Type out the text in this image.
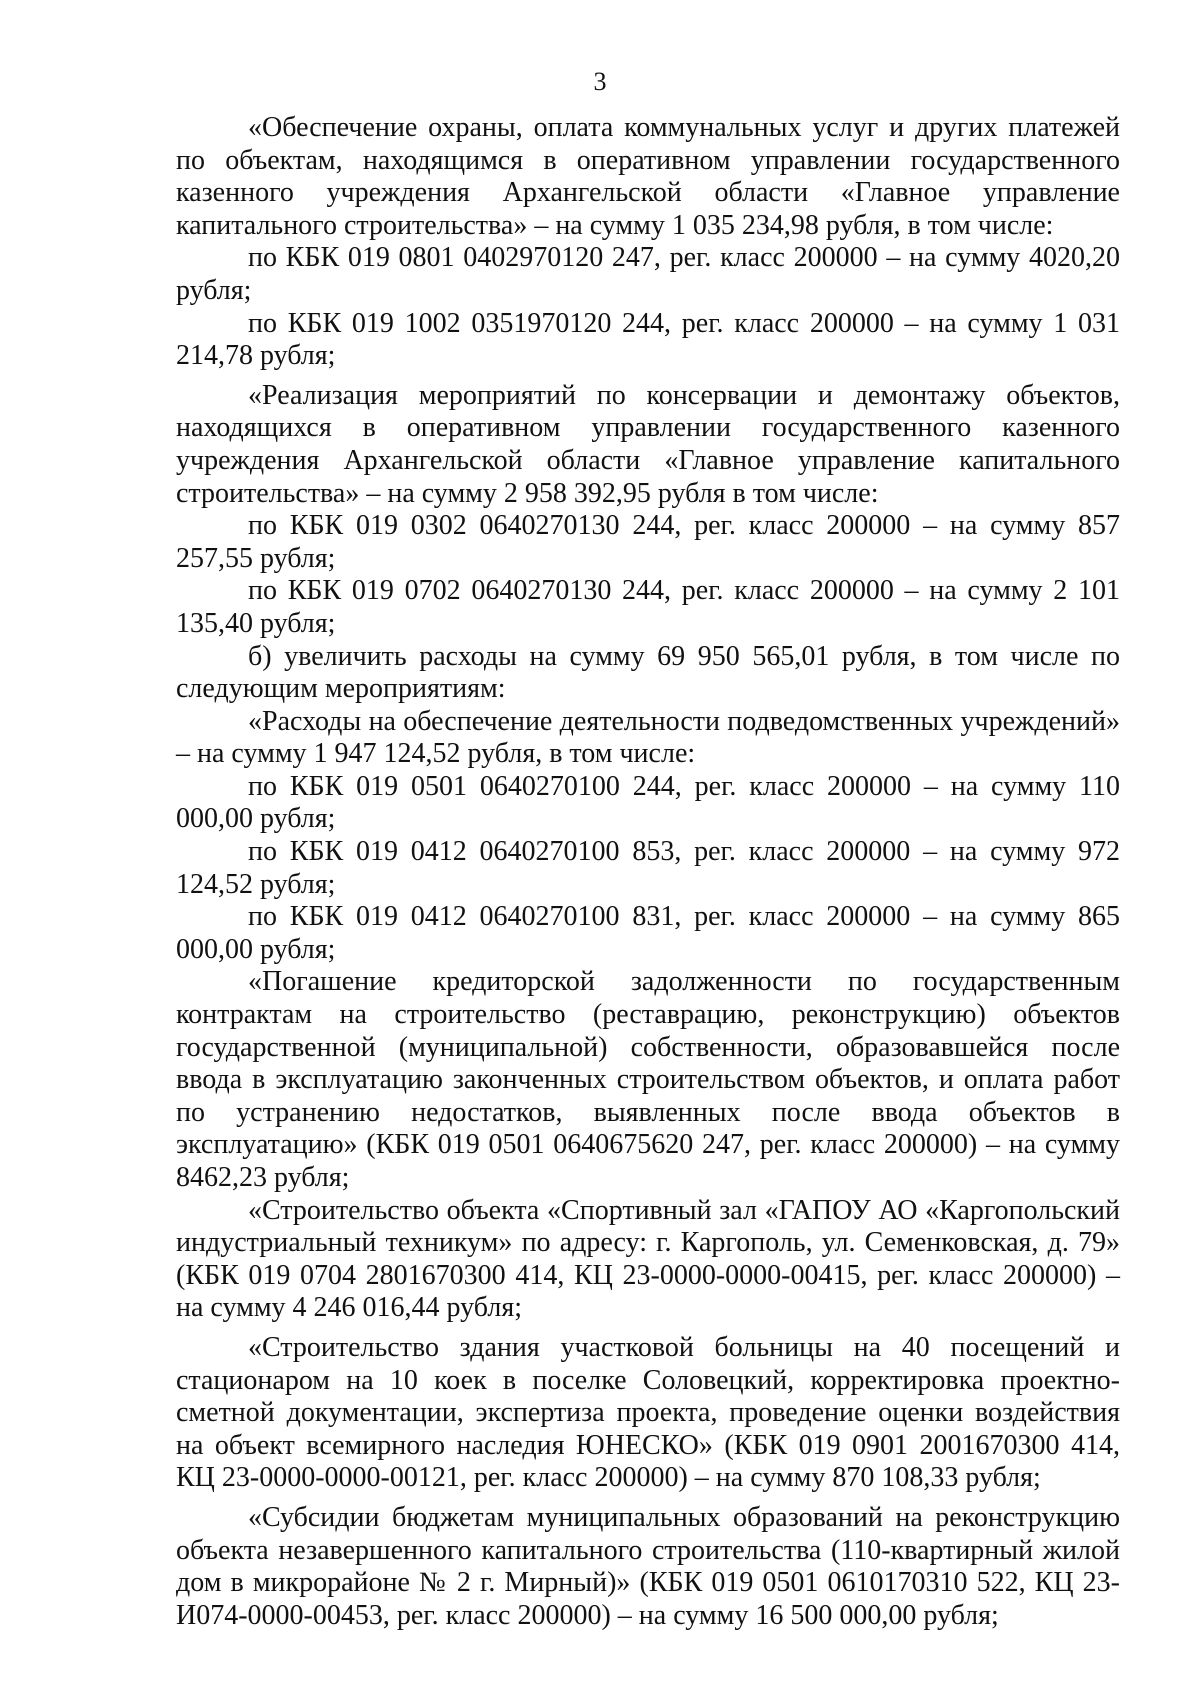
3

«Обеспечение охраны, оплата коммунальных услуг и других платежей по объектам, находящимся в оперативном управлении государственного казенного учреждения Архангельской области «Главное управление капитального строительства» – на сумму 1 035 234,98 рубля, в том числе:

по КБК 019 0801 0402970120 247, рег. класс 200000 – на сумму 4020,20 рубля;

по КБК 019 1002 0351970120 244, рег. класс 200000 – на сумму 1 031 214,78 рубля;

«Реализация мероприятий по консервации и демонтажу объектов, находящихся в оперативном управлении государственного казенного учреждения Архангельской области «Главное управление капитального строительства» – на сумму 2 958 392,95 рубля в том числе:

по КБК 019 0302 0640270130 244, рег. класс 200000 – на сумму 857 257,55 рубля;

по КБК 019 0702 0640270130 244, рег. класс 200000 – на сумму 2 101 135,40 рубля;

б) увеличить расходы на сумму 69 950 565,01 рубля, в том числе по следующим мероприятиям:

«Расходы на обеспечение деятельности подведомственных учреждений» – на сумму 1 947 124,52 рубля, в том числе:

по КБК 019 0501 0640270100 244, рег. класс 200000 – на сумму 110 000,00 рубля;

по КБК 019 0412 0640270100 853, рег. класс 200000 – на сумму 972 124,52 рубля;

по КБК 019 0412 0640270100 831, рег. класс 200000 – на сумму 865 000,00 рубля;

«Погашение кредиторской задолженности по государственным контрактам на строительство (реставрацию, реконструкцию) объектов государственной (муниципальной) собственности, образовавшейся после ввода в эксплуатацию законченных строительством объектов, и оплата работ по устранению недостатков, выявленных после ввода объектов в эксплуатацию» (КБК 019 0501 0640675620 247, рег. класс 200000) – на сумму 8462,23 рубля;

«Строительство объекта «Спортивный зал «ГАПОУ АО «Каргопольский индустриальный техникум» по адресу: г. Каргополь, ул. Семенковская, д. 79» (КБК 019 0704 2801670300 414, КЦ 23-0000-0000-00415, рег. класс 200000) – на сумму 4 246 016,44 рубля;

«Строительство здания участковой больницы на 40 посещений и стационаром на 10 коек в поселке Соловецкий, корректировка проектно-сметной документации, экспертиза проекта, проведение оценки воздействия на объект всемирного наследия ЮНЕСКО» (КБК 019 0901 2001670300 414, КЦ 23-0000-0000-00121, рег. класс 200000) – на сумму 870 108,33 рубля;

«Субсидии бюджетам муниципальных образований на реконструкцию объекта незавершенного капитального строительства (110-квартирный жилой дом в микрорайоне № 2 г. Мирный)» (КБК 019 0501 0610170310 522, КЦ 23-И074-0000-00453, рег. класс 200000) – на сумму 16 500 000,00 рубля;
